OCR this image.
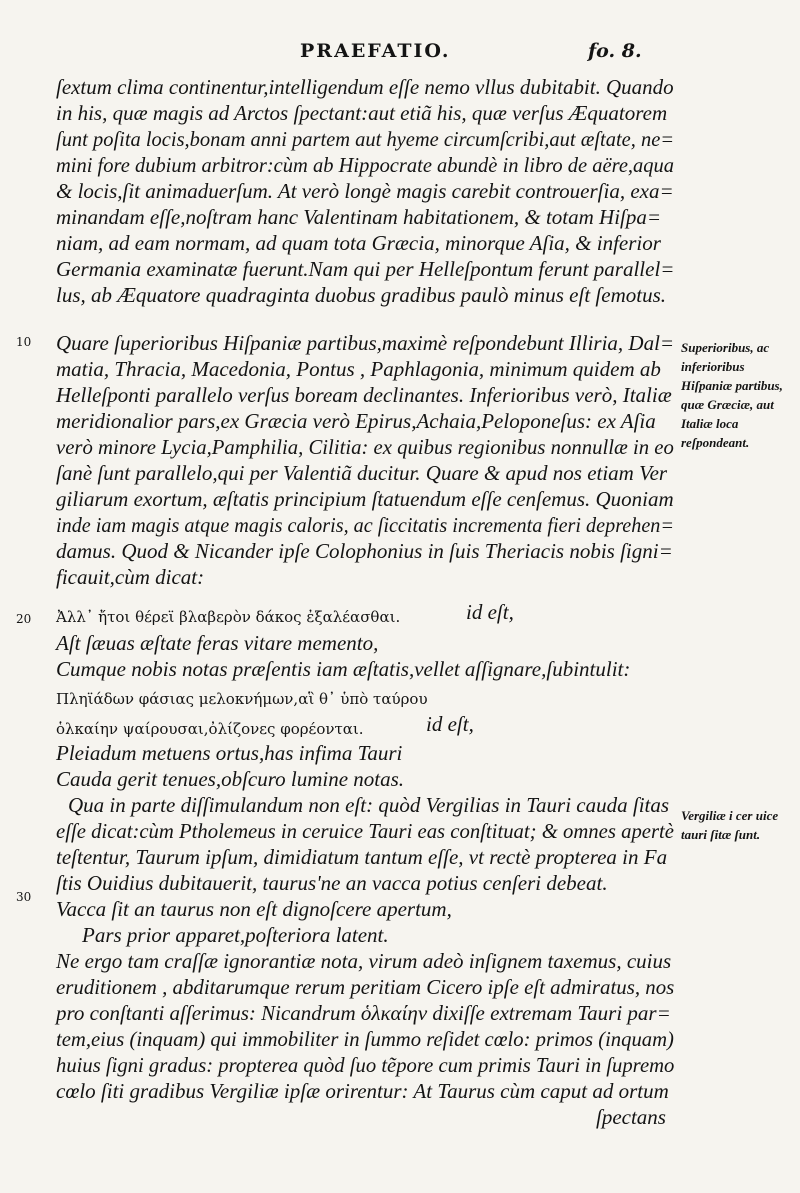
PRAEFATIO.	fo. 8.
10
20
30
ſextum clima continentur,intelligendum eſſe nemo vllus dubitabit. Quando
in his, quæ magis ad Arctos ſpectant:aut etiã his, quæ verſus Æquatorem
ſunt poſita locis,bonam anni partem aut hyeme circumſcribi,aut æſtate, ne=
mini fore dubium arbitror:cùm ab Hippocrate abundè in libro de aëre,aqua
& locis,ſit animaduerſum. At verò longè magis carebit controuerſia, exa=
minandam eſſe,noſtram hanc Valentinam habitationem, & totam Hiſpa=
niam, ad eam normam, ad quam tota Græcia, minorque Aſia, & inferior
Germania examinatæ fuerunt.Nam qui per Helleſpontum ferunt parallel=
lus, ab Æquatore quadraginta duobus gradibus paulò minus eſt ſemotus.
Quare ſuperioribus Hiſpaniæ partibus,maximè reſpondebunt Illiria, Dal=
matia, Thracia, Macedonia, Pontus , Paphlagonia, minimum quidem ab
Helleſponti parallelo verſus boream declinantes. Inferioribus verò, Italiæ
meridionalior pars,ex Græcia verò Epirus,Achaia,Peloponeſus: ex Aſia
verò minore Lycia,Pamphilia, Cilitia: ex quibus regionibus nonnullæ in eo
ſanè ſunt parallelo,qui per Valentiã ducitur. Quare & apud nos etiam Ver
giliarum exortum, æſtatis principium ſtatuendum eſſe cenſemus. Quoniam
inde iam magis atque magis caloris, ac ſiccitatis incrementa fieri deprehen=
damus. Quod & Nicander ipſe Colophonius in ſuis Theriacis nobis ſigni=
ficauit,cùm dicat:
Ἀλλ᾽ ἤτοι θέρεϊ βλαβερὸν δάκος ἐξαλέασθαι.	id eſt,
Aſt ſæuas æſtate feras vitare memento,
Cumque nobis notas præſentis iam æſtatis,vellet aſſignare,ſubintulit:
Πληϊάδων φάσιας μελοκνήμων,αἳ θ᾽ ὑπὸ ταύρου
ὁλκαίην ψαίρουσαι,ὀλίζονες φορέονται.	id eſt,
Pleiadum metuens ortus,has infima Tauri
Cauda gerit tenues,obſcuro lumine notas.
Qua in parte diſſimulandum non eſt: quòd Vergilias in Tauri cauda ſitas
eſſe dicat:cùm Ptholemeus in ceruice Tauri eas conſtituat; & omnes apertè
teſtentur, Taurum ipſum, dimidiatum tantum eſſe, vt rectè propterea in Fa
ſtis Ouidius dubitauerit, taurus'ne an vacca potius cenſeri debeat.
Vacca ſit an taurus non eſt dignoſcere apertum,
Pars prior apparet,poſteriora latent.
Ne ergo tam craſſæ ignorantiæ nota, virum adeò inſignem taxemus, cuius
eruditionem , abditarumque rerum peritiam Cicero ipſe eſt admiratus, nos
pro conſtanti aſſerimus: Nicandrum ὁλκαίην dixiſſe extremam Tauri par=
tem,eius (inquam) qui immobiliter in ſummo reſidet cœlo: primos (inquam)
huius ſigni gradus: propterea quòd ſuo tẽpore cum primis Tauri in ſupremo
cœlo ſiti gradibus Vergiliæ ipſæ orirentur: At Taurus cùm caput ad ortum
ſpectans
Superioribus, ac inferioribus Hiſpaniæ partibus, quæ Græciæ, aut Italiæ loca reſpondeant.
Vergiliæ i cer uice tauri ſitæ ſunt.
